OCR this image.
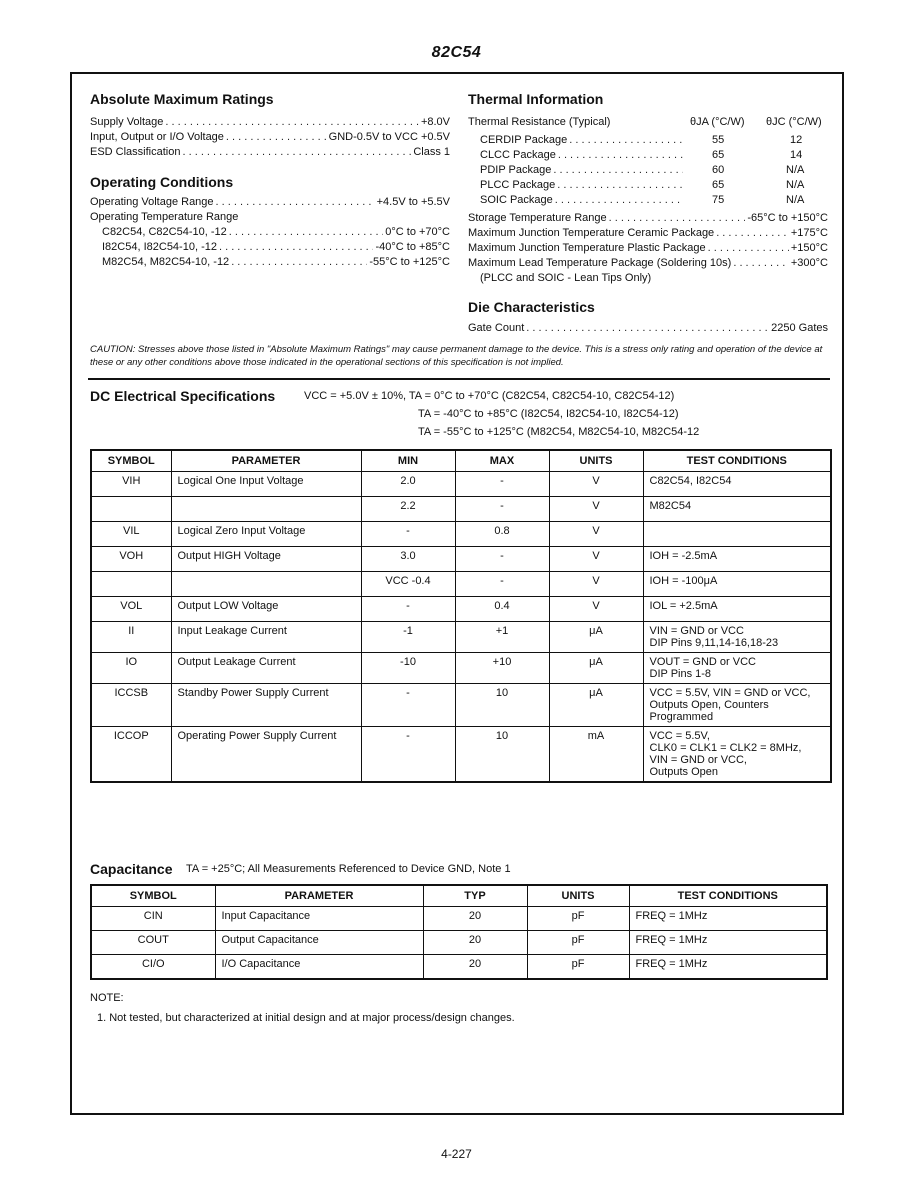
82C54
Absolute Maximum Ratings
Supply Voltage . . .	+8.0V
Input, Output or I/O Voltage . . .	GND-0.5V to VCC +0.5V
ESD Classification . . .	Class 1
Operating Conditions
Operating Voltage Range . . .	+4.5V to +5.5V
Operating Temperature Range
C82C54, C82C54-10, -12 . . .	0°C to +70°C
I82C54, I82C54-10, -12 . . .	-40°C to +85°C
M82C54, M82C54-10, -12 . . .	-55°C to +125°C
Thermal Information
Thermal Resistance (Typical)	θJA (°C/W) θJC (°C/W)
CERDIP Package . . .	55	12
CLCC Package . . .	65	14
PDIP Package . . .	60	N/A
PLCC Package . . .	65	N/A
SOIC Package . . .	75	N/A
Storage Temperature Range . . .	-65°C to +150°C
Maximum Junction Temperature Ceramic Package . . .	+175°C
Maximum Junction Temperature Plastic Package . . .	+150°C
Maximum Lead Temperature Package (Soldering 10s) . . .	+300°C
(PLCC and SOIC - Lean Tips Only)
Die Characteristics
Gate Count . . .	2250 Gates
CAUTION: Stresses above those listed in "Absolute Maximum Ratings" may cause permanent damage to the device. This is a stress only rating and operation of the device at these or any other conditions above those indicated in the operational sections of this specification is not implied.
DC Electrical Specifications	VCC = +5.0V ± 10%, TA = 0°C to +70°C (C82C54, C82C54-10, C82C54-12)
TA = -40°C to +85°C (I82C54, I82C54-10, I82C54-12)
TA = -55°C to +125°C (M82C54, M82C54-10, M82C54-12
SYMBOL	PARAMETER	MIN	MAX	UNITS	TEST CONDITIONS
VIH	Logical One Input Voltage	2.0	-	V	C82C54, I82C54
		2.2	-	V	M82C54
VIL	Logical Zero Input Voltage	-	0.8	V	
VOH	Output HIGH Voltage	3.0	-	V	IOH = -2.5mA
		VCC -0.4	-	V	IOH = -100μA
VOL	Output LOW Voltage	-	0.4	V	IOL = +2.5mA
II	Input Leakage Current	-1	+1	μA	VIN = GND or VCC
DIP Pins 9,11,14-16,18-23
IO	Output Leakage Current	-10	+10	μA	VOUT = GND or VCC
DIP Pins 1-8
ICCSB	Standby Power Supply Current	-	10	μA	VCC = 5.5V, VIN = GND or VCC,
Outputs Open, Counters
Programmed
ICCOP	Operating Power Supply Current	-	10	mA	VCC = 5.5V,
CLK0 = CLK1 = CLK2 = 8MHz,
VIN = GND or VCC,
Outputs Open
Capacitance TA = +25°C; All Measurements Referenced to Device GND, Note 1
SYMBOL	PARAMETER	TYP	UNITS	TEST CONDITIONS
CIN	Input Capacitance	20	pF	FREQ = 1MHz
COUT	Output Capacitance	20	pF	FREQ = 1MHz
CI/O	I/O Capacitance	20	pF	FREQ = 1MHz
NOTE:
1. Not tested, but characterized at initial design and at major process/design changes.
4-227
